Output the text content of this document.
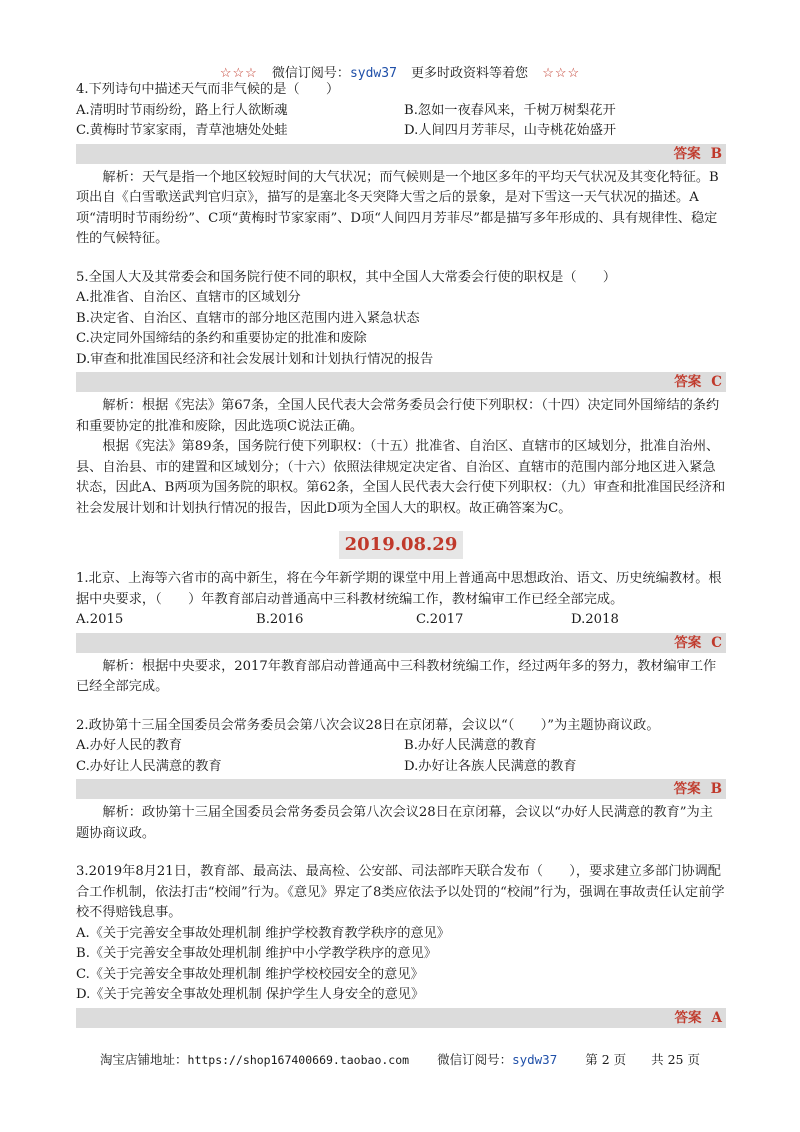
☆☆☆ 微信订阅号：sydw37 更多时政资料等着您 ☆☆☆

4.下列诗句中描述天气而非气候的是（　　）

A.清明时节雨纷纷，路上行人欲断魂	B.忽如一夜春风来，千树万树梨花开
C.黄梅时节家家雨，青草池塘处处蛙	D.人间四月芳菲尽，山寺桃花始盛开
答案 B

解析：天气是指一个地区较短时间的大气状况；而气候则是一个地区多年的平均天气状况及其变化特征。B项出自《白雪歌送武判官归京》，描写的是塞北冬天突降大雪之后的景象，是对下雪这一天气状况的描述。A项“清明时节雨纷纷”、C项“黄梅时节家家雨”、D项“人间四月芳菲尽”都是描写多年形成的、具有规律性、稳定性的气候特征。

5.全国人大及其常委会和国务院行使不同的职权，其中全国人大常委会行使的职权是（　　）

A.批准省、自治区、直辖市的区域划分
B.决定省、自治区、直辖市的部分地区范围内进入紧急状态
C.决定同外国缔结的条约和重要协定的批准和废除
D.审查和批准国民经济和社会发展计划和计划执行情况的报告
答案 C

解析：根据《宪法》第67条，全国人民代表大会常务委员会行使下列职权：（十四）决定同外国缔结的条约和重要协定的批准和废除，因此选项C说法正确。

根据《宪法》第89条，国务院行使下列职权：（十五）批准省、自治区、直辖市的区域划分，批准自治州、县、自治县、市的建置和区域划分；（十六）依照法律规定决定省、自治区、直辖市的范围内部分地区进入紧急状态，因此A、B两项为国务院的职权。第62条，全国人民代表大会行使下列职权：（九）审查和批准国民经济和社会发展计划和计划执行情况的报告，因此D项为全国人大的职权。故正确答案为C。

2019.08.29

1.北京、上海等六省市的高中新生，将在今年新学期的课堂中用上普通高中思想政治、语文、历史统编教材。根据中央要求，（　　）年教育部启动普通高中三科教材统编工作，教材编审工作已经全部完成。

A.2015	B.2016	C.2017	D.2018
答案 C

解析：根据中央要求，2017年教育部启动普通高中三科教材统编工作，经过两年多的努力，教材编审工作已经全部完成。

2.政协第十三届全国委员会常务委员会第八次会议28日在京闭幕，会议以“（　　）”为主题协商议政。

A.办好人民的教育	B.办好人民满意的教育
C.办好让人民满意的教育	D.办好让各族人民满意的教育
答案 B

解析：政协第十三届全国委员会常务委员会第八次会议28日在京闭幕，会议以“办好人民满意的教育”为主题协商议政。

3.2019年8月21日，教育部、最高法、最高检、公安部、司法部昨天联合发布（　　），要求建立多部门协调配合工作机制，依法打击“校闹”行为。《意见》界定了8类应依法予以处罚的“校闹”行为，强调在事故责任认定前学校不得赔钱息事。

A.《关于完善安全事故处理机制 维护学校教育教学秩序的意见》
B.《关于完善安全事故处理机制 维护中小学教学秩序的意见》
C.《关于完善安全事故处理机制 维护学校校园安全的意见》
D.《关于完善安全事故处理机制 保护学生人身安全的意见》
答案 A
淘宝店铺地址：https://shop167400669.taobao.com 微信订阅号：sydw37 第 2 页　　共 25 页
